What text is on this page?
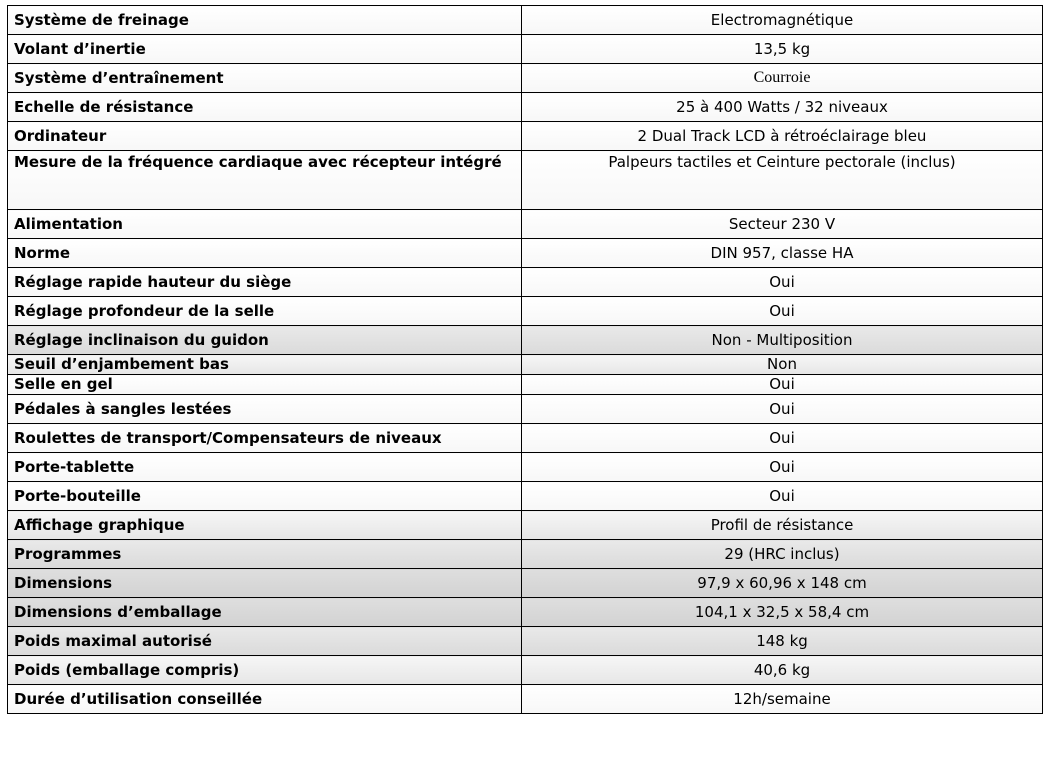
Système de freinage	Electromagnétique
Volant d’inertie	13,5 kg
Système d’entraînement	Courroie
Echelle de résistance	25 à 400 Watts / 32 niveaux
Ordinateur	2 Dual Track LCD à rétroéclairage bleu
Mesure de la fréquence cardiaque avec récepteur intégré	Palpeurs tactiles et Ceinture pectorale (inclus)
Alimentation	Secteur 230 V
Norme	DIN 957, classe HA
Réglage rapide hauteur du siège	Oui
Réglage profondeur de la selle	Oui
Réglage inclinaison du guidon	Non - Multiposition
Seuil d’enjambement bas	Non
Selle en gel	Oui
Pédales à sangles lestées	Oui
Roulettes de transport/Compensateurs de niveaux	Oui
Porte-tablette	Oui
Porte-bouteille	Oui
Affichage graphique	Profil de résistance
Programmes	29 (HRC inclus)
Dimensions	97,9 x 60,96 x 148 cm
Dimensions d’emballage	104,1 x 32,5 x 58,4 cm
Poids maximal autorisé	148 kg
Poids (emballage compris)	40,6 kg
Durée d’utilisation conseillée	12h/semaine
